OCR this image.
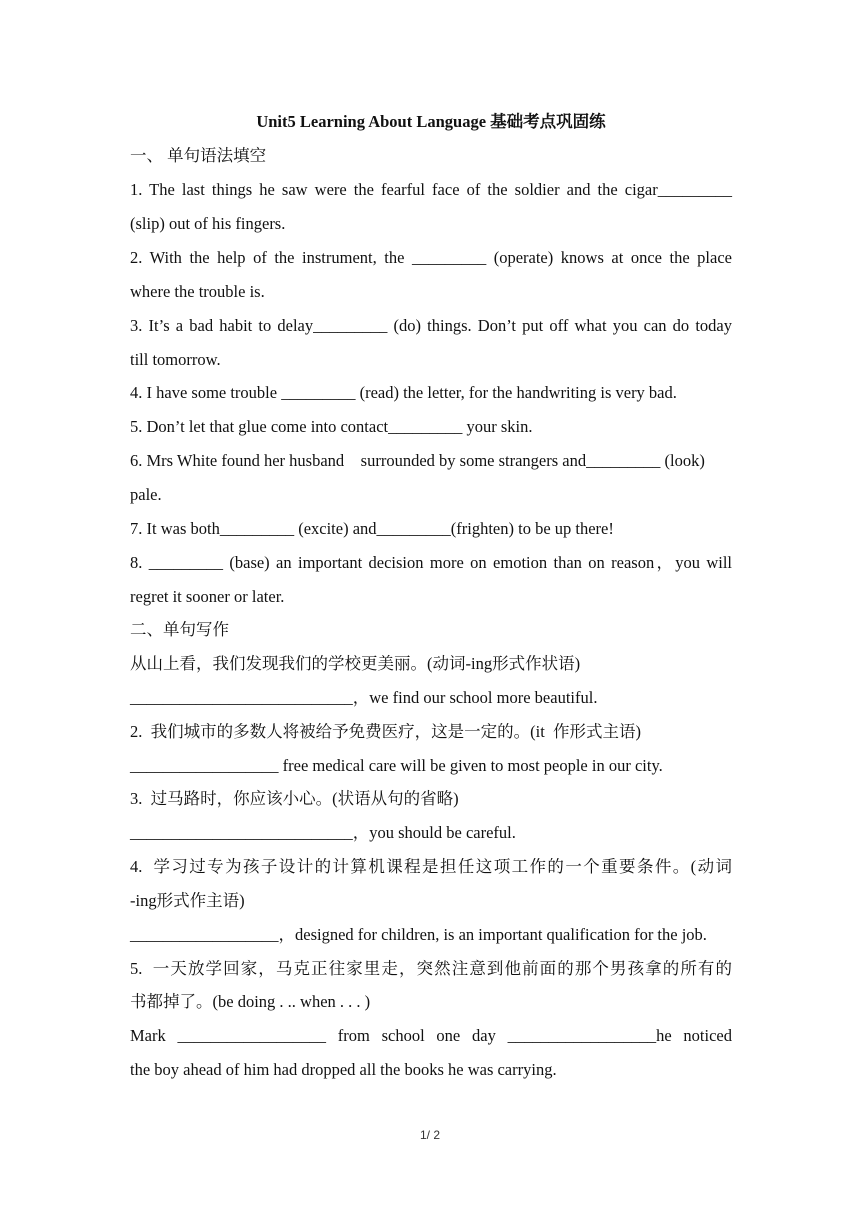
Unit5 Learning About Language 基础考点巩固练
一、 单句语法填空
1. The last things he saw were the fearful face of the soldier and the cigar_________
(slip) out of his fingers.
2. With the help of the instrument, the _________ (operate) knows at once the place
where the trouble is.
3. It’s a bad habit to delay_________ (do) things. Don’t put off what you can do today
till tomorrow.
4. I have some trouble _________ (read) the letter, for the handwriting is very bad.
5. Don’t let that glue come into contact_________ your skin.
6. Mrs White found her husband    surrounded by some strangers and_________ (look)
pale.
7. It was both_________ (excite) and_________(frighten) to be up there!
8. _________ (base) an important decision more on emotion than on reason，you will
regret it sooner or later.
二、单句写作
从山上看，我们发现我们的学校更美丽。(动词-ing形式作状语)
___________________________，we find our school more beautiful.
2.  我们城市的多数人将被给予免费医疗，这是一定的。(it  作形式主语)
__________________ free medical care will be given to most people in our city.
3.  过马路时，你应该小心。(状语从句的省略)
___________________________，you should be careful.
4.  学习过专为孩子设计的计算机课程是担任这项工作的一个重要条件。(动词
-ing形式作主语)
__________________，designed for children, is an important qualification for the job.
5.  一天放学回家，马克正往家里走，突然注意到他前面的那个男孩拿的所有的
书都掉了。(be doing . .. when . . . )
Mark  __________________  from  school  one  day  __________________he  noticed
the boy ahead of him had dropped all the books he was carrying.
1/ 2
